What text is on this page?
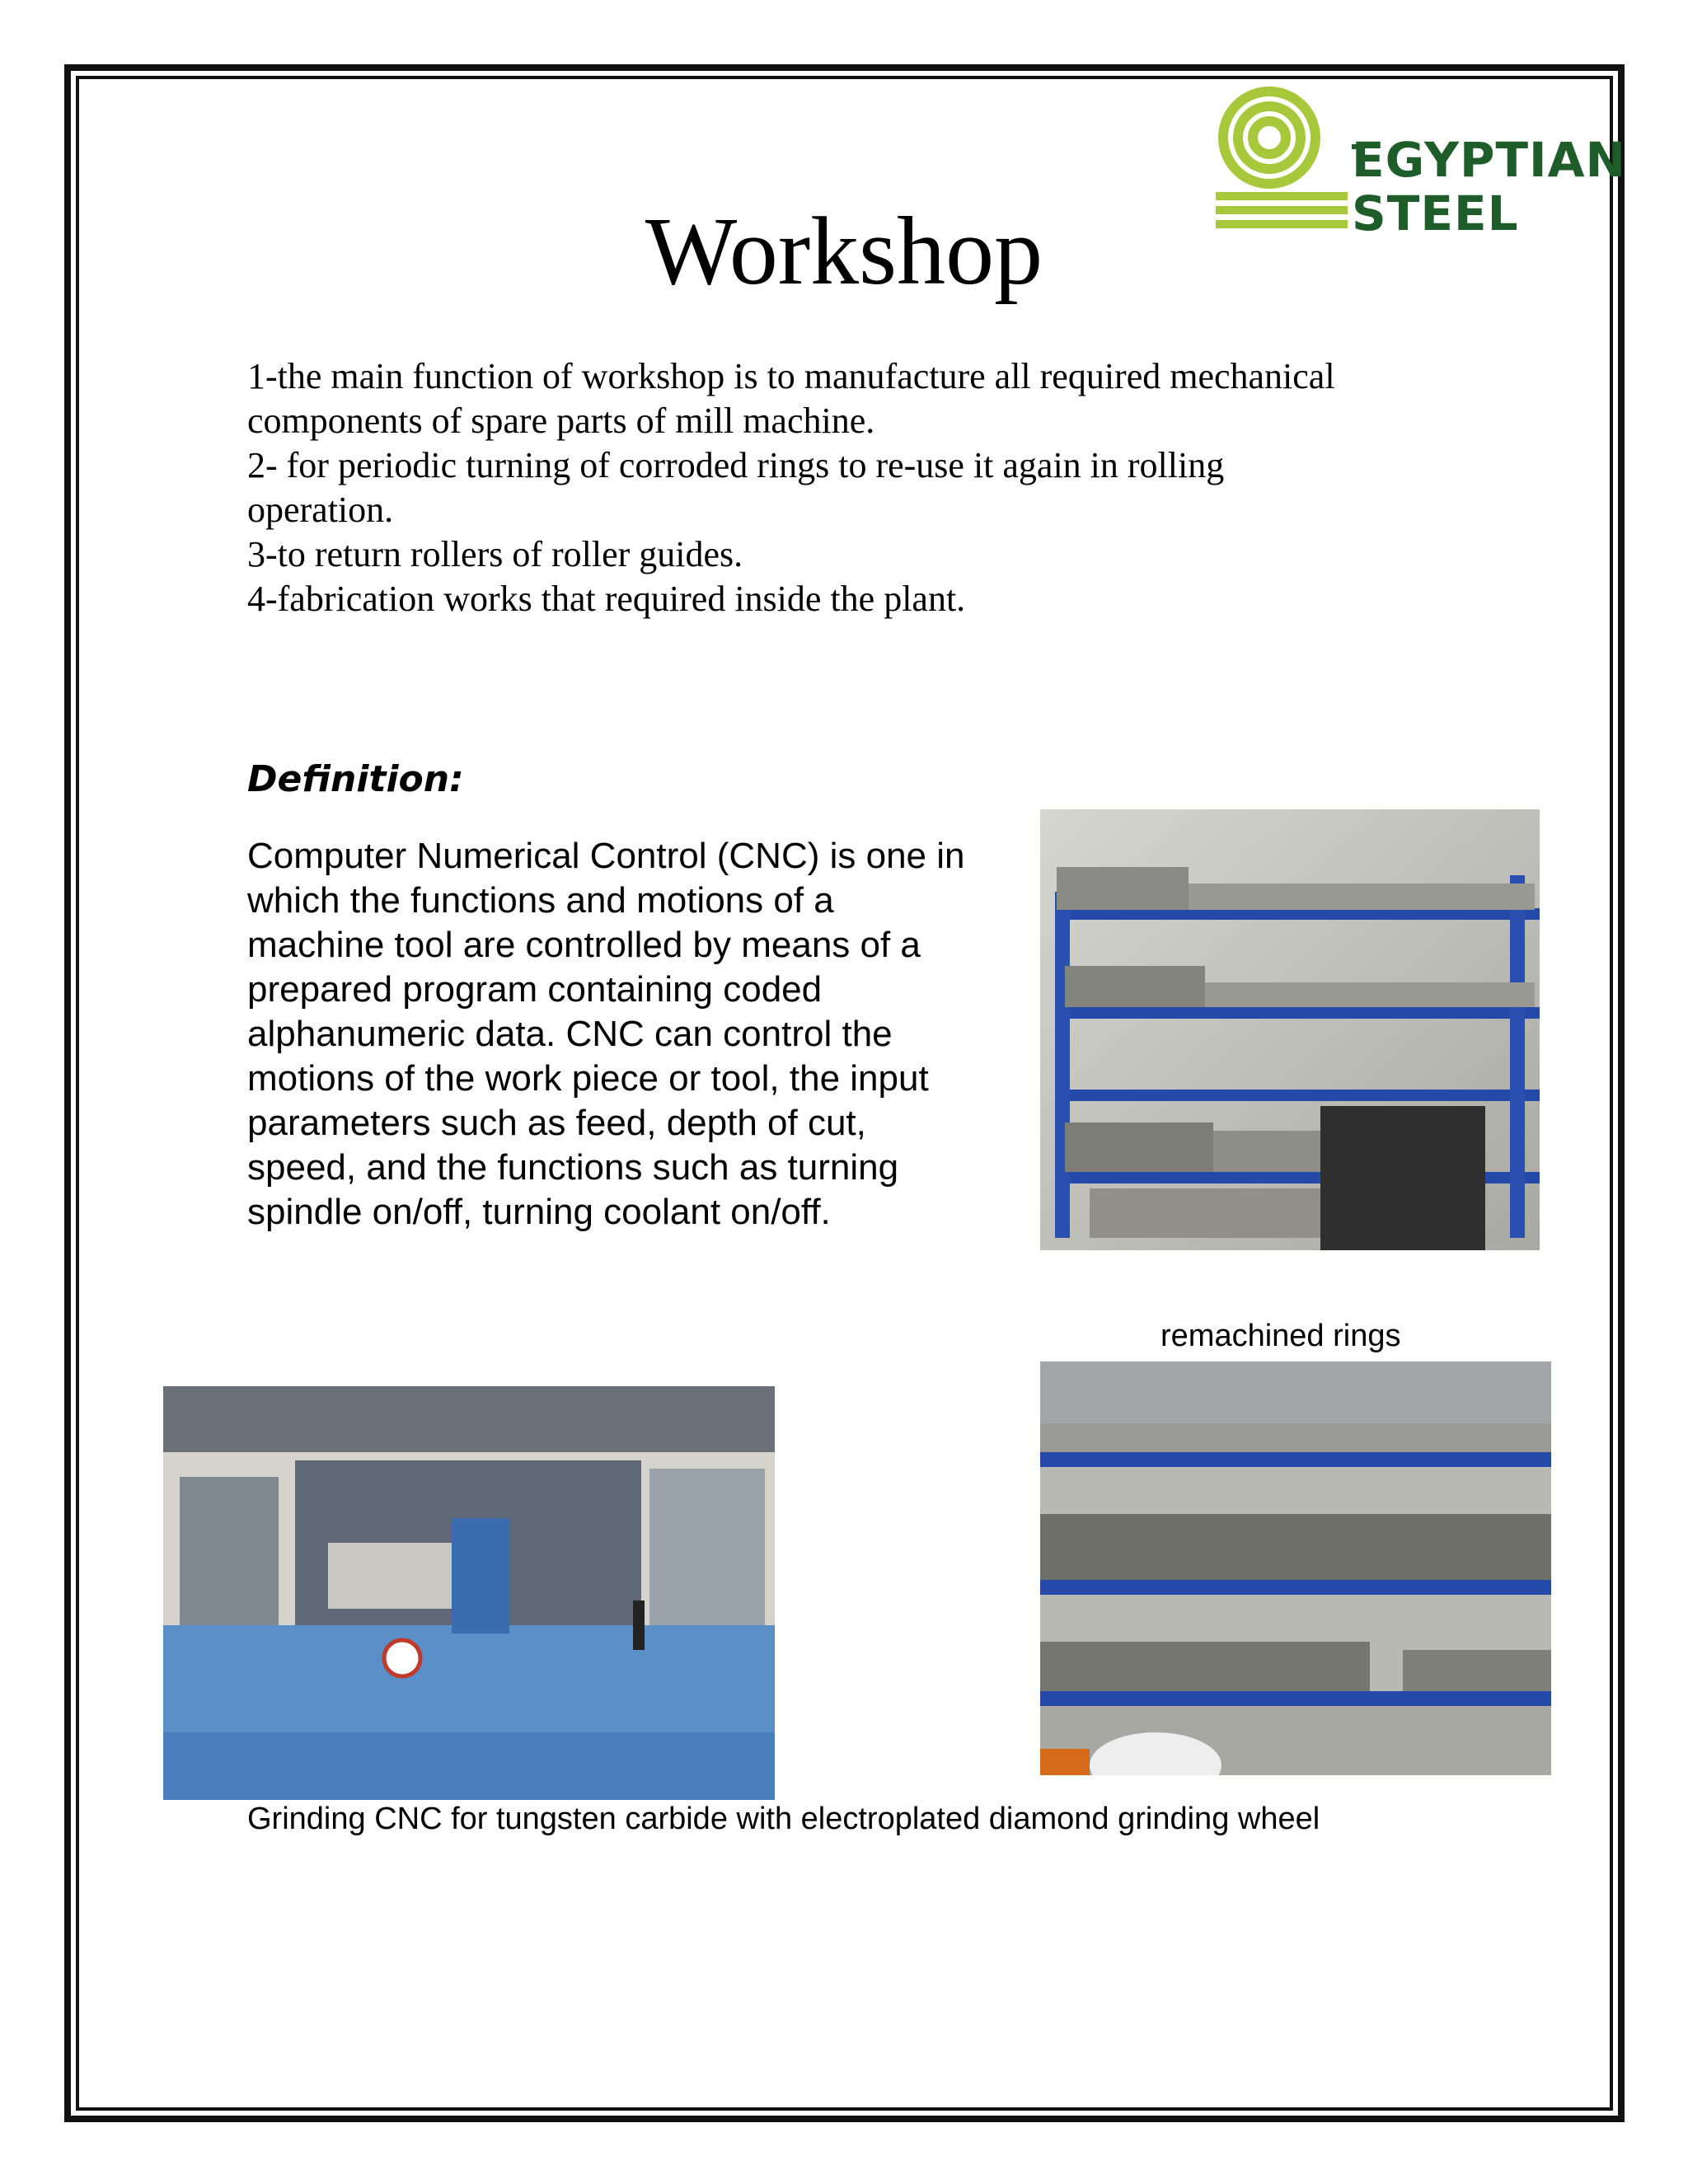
EGYPTIAN
STEEL
Workshop

1-the main function of workshop is to manufacture all required mechanical

components of spare parts of mill machine.

2- for periodic turning of corroded rings to re-use it again in rolling

operation.

3-to return rollers of roller guides.

4-fabrication works that required inside the plant.

Definition:
Computer Numerical Control (CNC) is one in
which the functions and motions of a
machine tool are controlled by means of a
prepared program containing coded
alphanumeric data. CNC can control the
motions of the work piece or tool, the input
parameters such as feed, depth of cut,
speed, and the functions such as turning
spindle on/off, turning coolant on/off.
remachined rings
Grinding CNC for tungsten carbide with electroplated diamond grinding wheel
